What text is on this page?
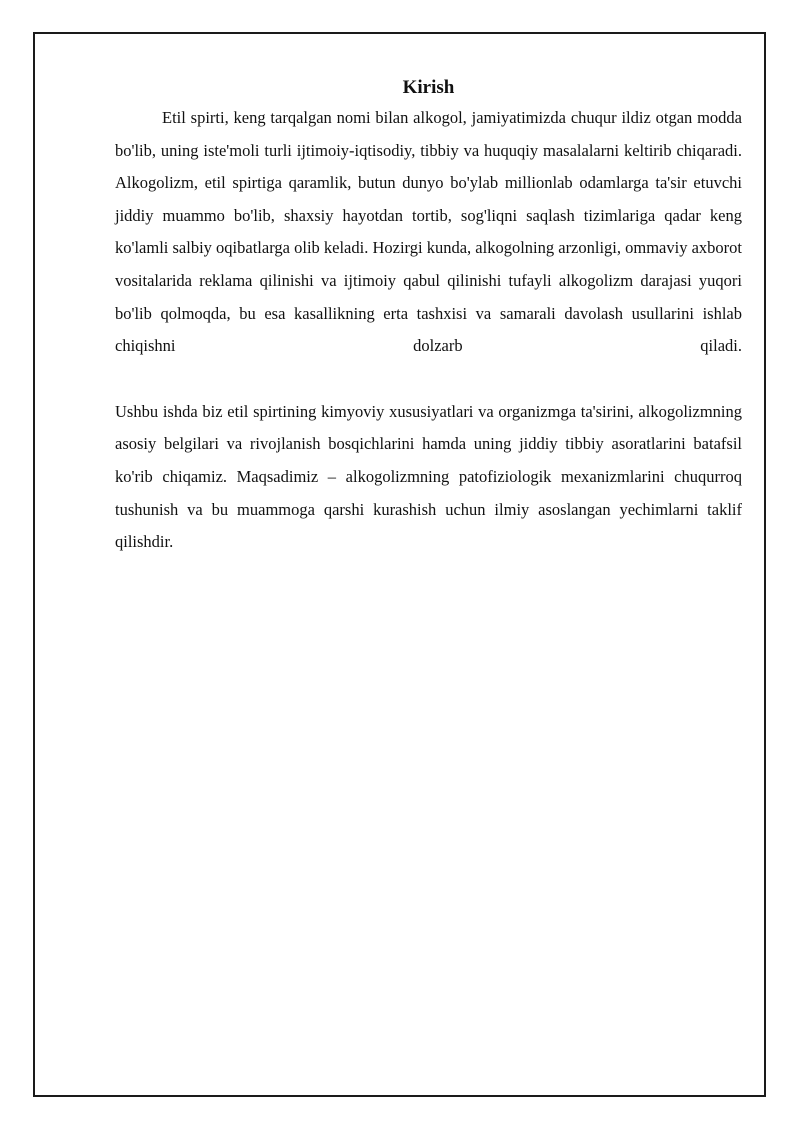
Kirish

Etil spirti, keng tarqalgan nomi bilan alkogol, jamiyatimizda chuqur ildiz otgan modda bo'lib, uning iste'moli turli ijtimoiy-iqtisodiy, tibbiy va huquqiy masalalarni keltirib chiqaradi. Alkogolizm, etil spirtiga qaramlik, butun dunyo bo'ylab millionlab odamlarga ta'sir etuvchi jiddiy muammo bo'lib, shaxsiy hayotdan tortib, sog'liqni saqlash tizimlariga qadar keng ko'lamli salbiy oqibatlarga olib keladi. Hozirgi kunda, alkogolning arzonligi, ommaviy axborot vositalarida reklama qilinishi va ijtimoiy qabul qilinishi tufayli alkogolizm darajasi yuqori bo'lib qolmoqda, bu esa kasallikning erta tashxisi va samarali davolash usullarini ishlab chiqishni dolzarb qiladi.

Ushbu ishda biz etil spirtining kimyoviy xususiyatlari va organizmga ta'sirini, alkogolizmning asosiy belgilari va rivojlanish bosqichlarini hamda uning jiddiy tibbiy asoratlarini batafsil ko'rib chiqamiz. Maqsadimiz – alkogolizmning patofiziologik mexanizmlarini chuqurroq tushunish va bu muammoga qarshi kurashish uchun ilmiy asoslangan yechimlarni taklif qilishdir.
